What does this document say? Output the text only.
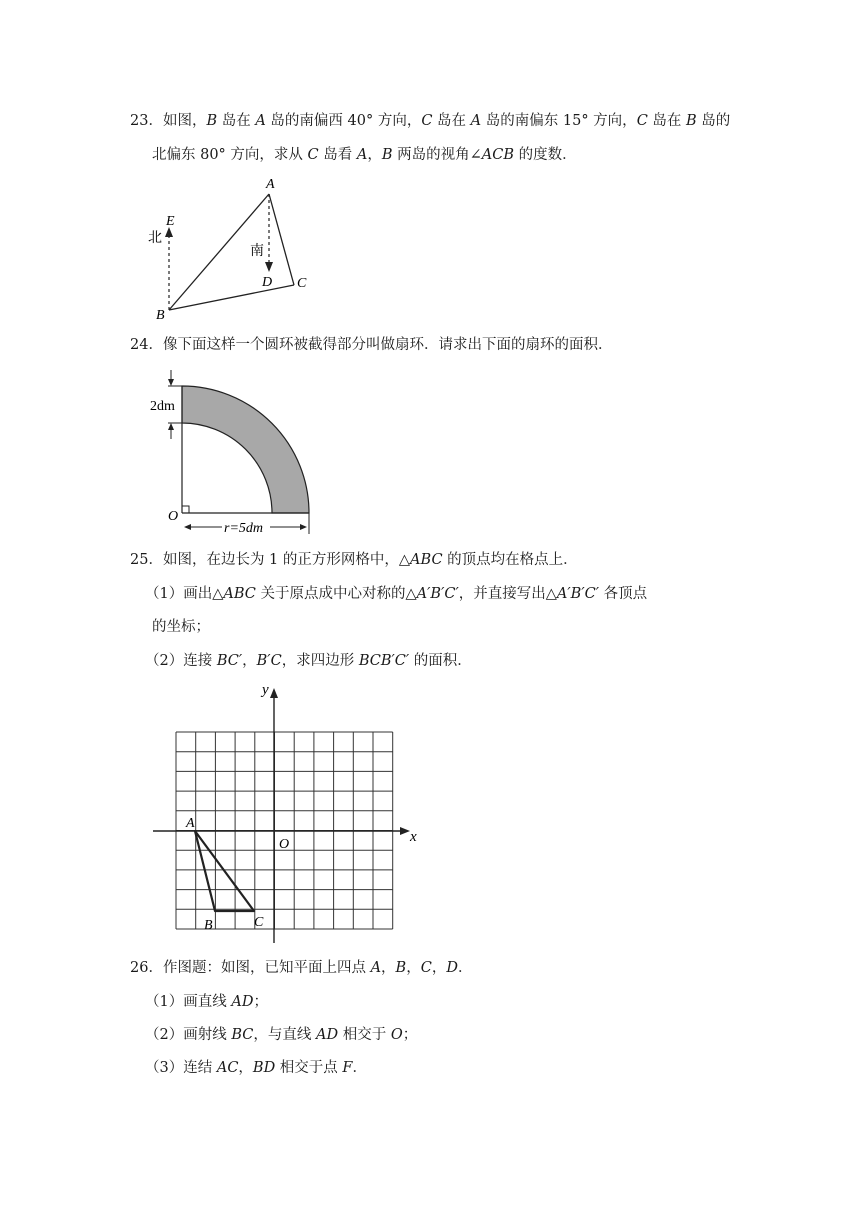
23．如图，B 岛在 A 岛的南偏西 40° 方向，C 岛在 A 岛的南偏东 15° 方向，C 岛在 B 岛的
北偏东 80° 方向，求从 C 岛看 A，B 两岛的视角∠ACB 的度数．
A
B
C
D
E
北
南
24．像下面这样一个圆环被截得部分叫做扇环．请求出下面的扇环的面积．
2dm
O
r=5dm
25．如图，在边长为 1 的正方形网格中，△ABC 的顶点均在格点上．
（1）画出△ABC 关于原点成中心对称的△A′B′C′，并直接写出△A′B′C′ 各顶点
的坐标；
（2）连接 BC′，B′C，求四边形 BCB′C′ 的面积．
x
y
O
A
B	C
26．作图题：如图，已知平面上四点 A，B，C，D．
（1）画直线 AD；
（2）画射线 BC，与直线 AD 相交于 O；
（3）连结 AC，BD 相交于点 F．
